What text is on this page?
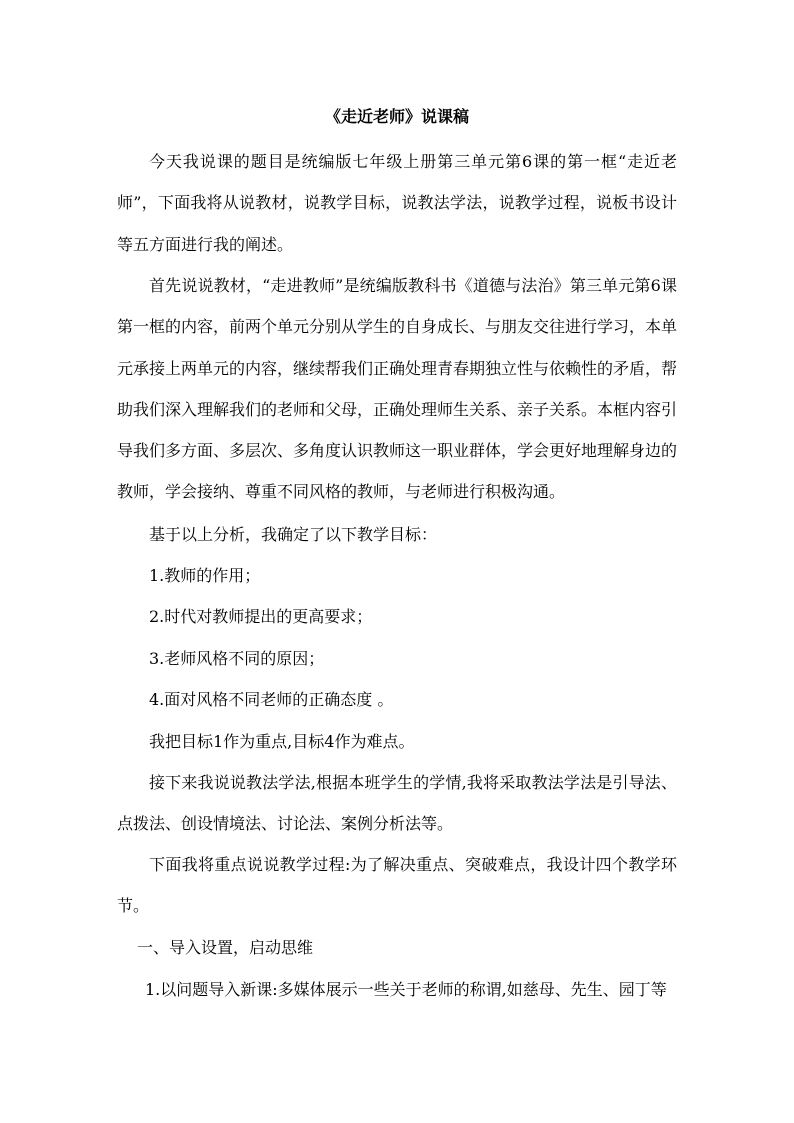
《走近老师》说课稿

今天我说课的题目是统编版七年级上册第三单元第6课的第一框“走近老师”，下面我将从说教材，说教学目标，说教法学法，说教学过程，说板书设计等五方面进行我的阐述。

首先说说教材，“走进教师”是统编版教科书《道德与法治》第三单元第6课第一框的内容，前两个单元分别从学生的自身成长、与朋友交往进行学习，本单元承接上两单元的内容，继续帮我们正确处理青春期独立性与依赖性的矛盾，帮助我们深入理解我们的老师和父母，正确处理师生关系、亲子关系。本框内容引导我们多方面、多层次、多角度认识教师这一职业群体，学会更好地理解身边的教师，学会接纳、尊重不同风格的教师，与老师进行积极沟通。

基于以上分析，我确定了以下教学目标：
1.教师的作用；
2.时代对教师提出的更高要求；
3.老师风格不同的原因；
4.面对风格不同老师的正确态度 。
我把目标1作为重点,目标4作为难点。

接下来我说说教法学法,根据本班学生的学情,我将采取教法学法是引导法、点拨法、创设情境法、讨论法、案例分析法等。

下面我将重点说说教学过程:为了解决重点、突破难点，我设计四个教学环节。

一、导入设置，启动思维
1.以问题导入新课:多媒体展示一些关于老师的称谓,如慈母、先生、园丁等
